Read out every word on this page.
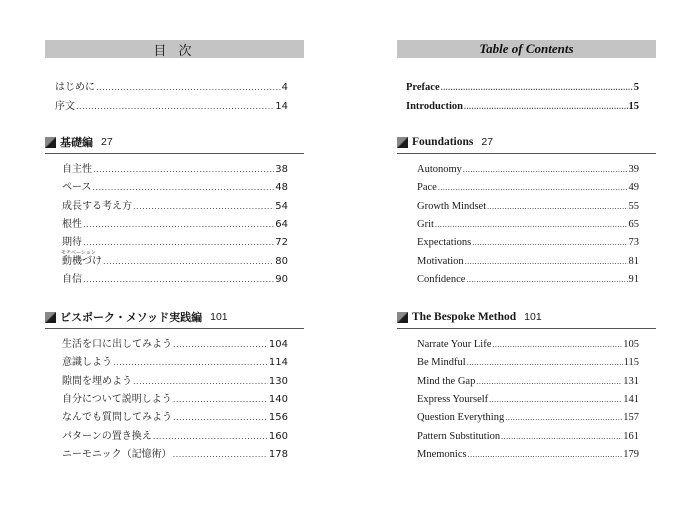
目 次
はじめに .....	4
序文 .....	14
基礎編 27
自主性 .....	38
ペース .....	48
成長する考え方 .....	54
根性 .....	64
期待 .....	72
モチベーション
動機づけ .....	80
自信 .....	90
ビスポーク・メソッド実践編 101
生活を口に出してみよう .....	104
意識しよう .....	114
隙間を埋めよう .....	130
自分について説明しよう .....	140
なんでも質問してみよう .....	156
パターンの置き換え .....	160
ニーモニック（記憶術） .....	178
Table of Contents
Preface .....	5
Introduction .....	15
Foundations 27
Autonomy .....	39
Pace .....	49
Growth Mindset .....	55
Grit .....	65
Expectations .....	73
Motivation .....	81
Confidence .....	91
The Bespoke Method 101
Narrate Your Life .....	105
Be Mindful .....	115
Mind the Gap .....	131
Express Yourself .....	141
Question Everything .....	157
Pattern Substitution .....	161
Mnemonics .....	179
